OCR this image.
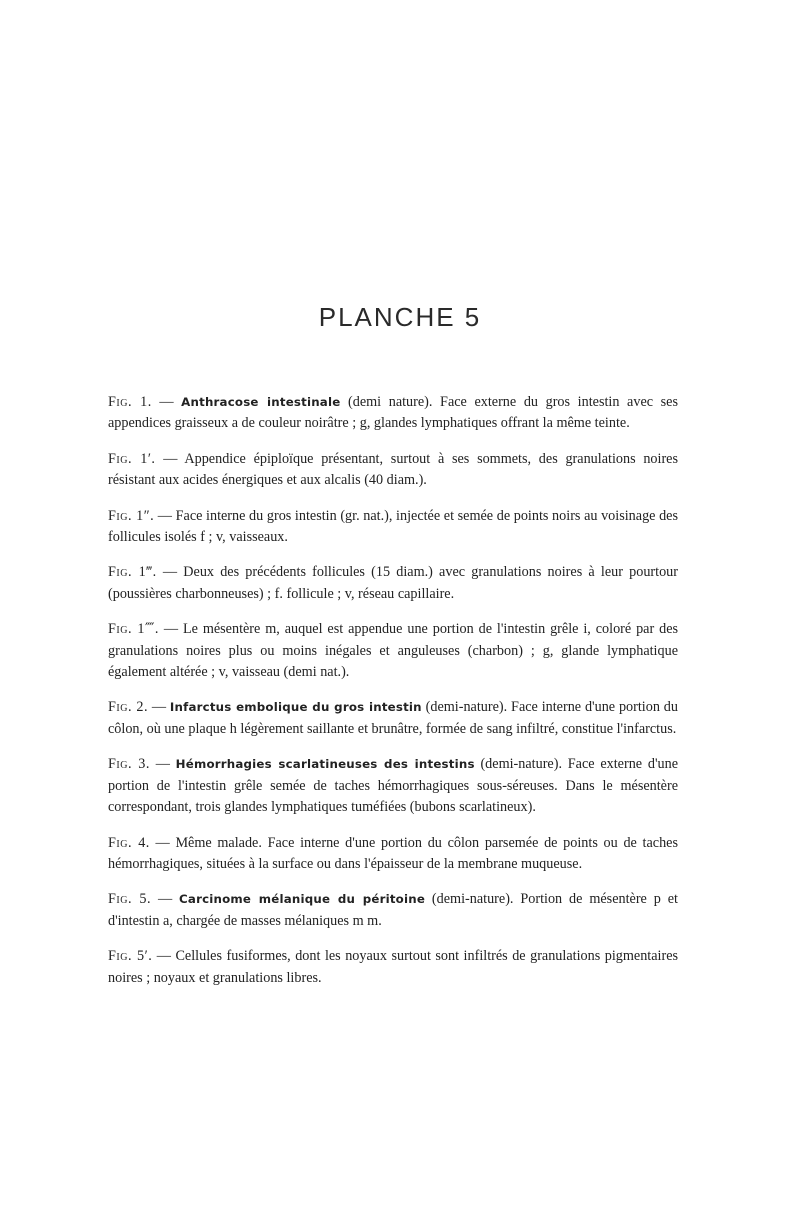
PLANCHE 5

Fig. 1. — Anthracose intestinale (demi nature). Face externe du gros intestin avec ses appendices graisseux a de couleur noirâtre ; g, glandes lymphatiques offrant la même teinte.

Fig. 1′. — Appendice épiploïque présentant, surtout à ses sommets, des granulations noires résistant aux acides énergiques et aux alcalis (40 diam.).

Fig. 1″. — Face interne du gros intestin (gr. nat.), injectée et semée de points noirs au voisinage des follicules isolés f ; v, vaisseaux.

Fig. 1‴. — Deux des précédents follicules (15 diam.) avec granulations noires à leur pourtour (poussières charbonneuses) ; f. follicule ; v, réseau capillaire.

Fig. 1⁗. — Le mésentère m, auquel est appendue une portion de l'intestin grêle i, coloré par des granulations noires plus ou moins inégales et anguleuses (charbon) ; g, glande lymphatique également altérée ; v, vaisseau (demi nat.).

Fig. 2. — Infarctus embolique du gros intestin (demi-nature). Face interne d'une portion du côlon, où une plaque h légèrement saillante et brunâtre, formée de sang infiltré, constitue l'infarctus.

Fig. 3. — Hémorrhagies scarlatineuses des intestins (demi-nature). Face externe d'une portion de l'intestin grêle semée de taches hémorrhagiques sous-séreuses. Dans le mésentère correspondant, trois glandes lymphatiques tuméfiées (bubons scarlatineux).

Fig. 4. — Même malade. Face interne d'une portion du côlon parsemée de points ou de taches hémorrhagiques, situées à la surface ou dans l'épaisseur de la membrane muqueuse.

Fig. 5. — Carcinome mélanique du péritoine (demi-nature). Portion de mésentère p et d'intestin a, chargée de masses mélaniques m m.

Fig. 5′. — Cellules fusiformes, dont les noyaux surtout sont infiltrés de granulations pigmentaires noires ; noyaux et granulations libres.
